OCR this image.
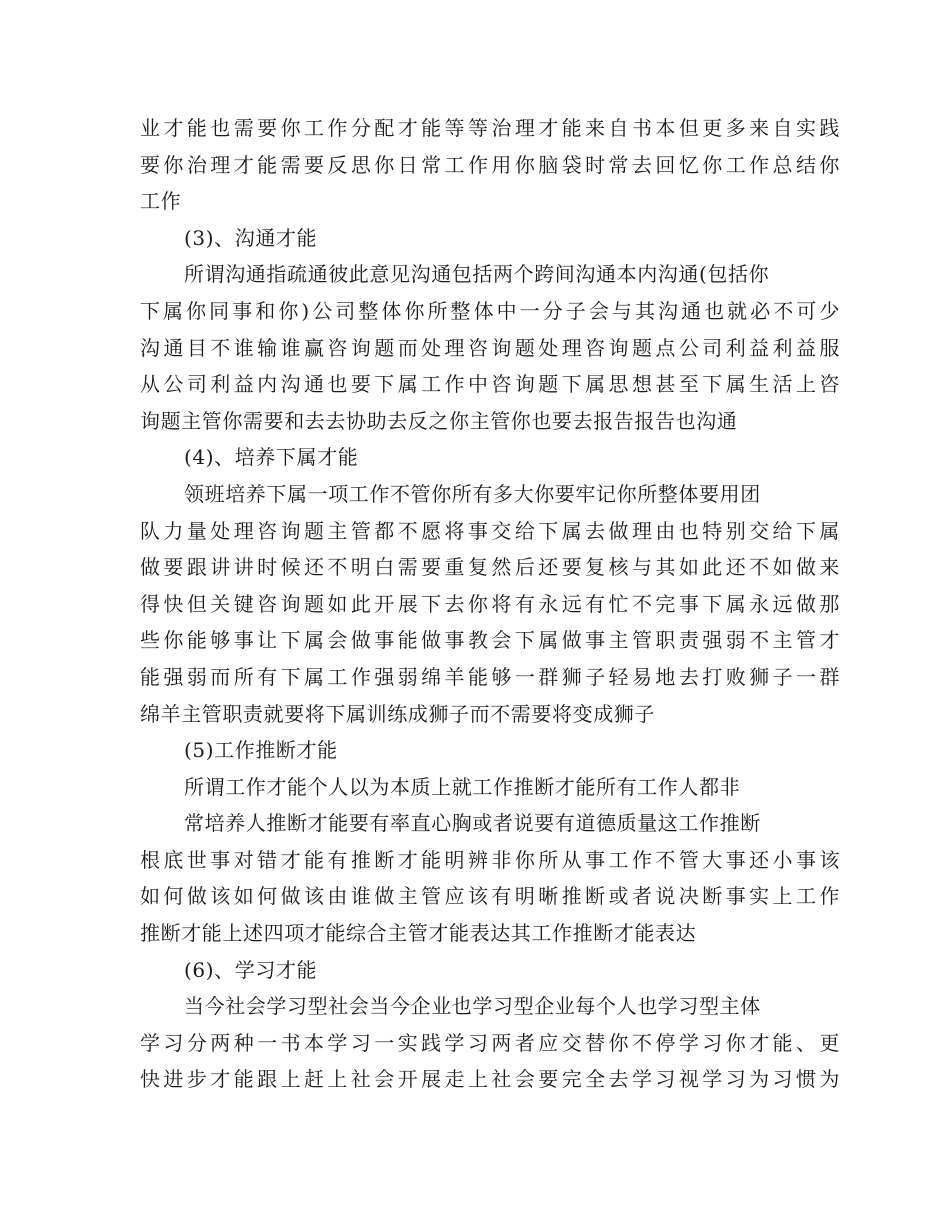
业才能也需要你工作分配才能等等治理才能来自书本但更多来自实践
要你治理才能需要反思你日常工作用你脑袋时常去回忆你工作总结你
工作
(3)、沟通才能
所谓沟通指疏通彼此意见沟通包括两个跨间沟通本内沟通(包括你
下属你同事和你)公司整体你所整体中一分子会与其沟通也就必不可少
沟通目不谁输谁赢咨询题而处理咨询题处理咨询题点公司利益利益服
从公司利益内沟通也要下属工作中咨询题下属思想甚至下属生活上咨
询题主管你需要和去去协助去反之你主管你也要去报告报告也沟通
(4)、培养下属才能
领班培养下属一项工作不管你所有多大你要牢记你所整体要用团
队力量处理咨询题主管都不愿将事交给下属去做理由也特别交给下属
做要跟讲讲时候还不明白需要重复然后还要复核与其如此还不如做来
得快但关键咨询题如此开展下去你将有永远有忙不完事下属永远做那
些你能够事让下属会做事能做事教会下属做事主管职责强弱不主管才
能强弱而所有下属工作强弱绵羊能够一群狮子轻易地去打败狮子一群
绵羊主管职责就要将下属训练成狮子而不需要将变成狮子
(5)工作推断才能
所谓工作才能个人以为本质上就工作推断才能所有工作人都非
常培养人推断才能要有率直心胸或者说要有道德质量这工作推断
根底世事对错才能有推断才能明辨非你所从事工作不管大事还小事该
如何做该如何做该由谁做主管应该有明晰推断或者说决断事实上工作
推断才能上述四项才能综合主管才能表达其工作推断才能表达
(6)、学习才能
当今社会学习型社会当今企业也学习型企业每个人也学习型主体
学习分两种一书本学习一实践学习两者应交替你不停学习你才能、更
快进步才能跟上赶上社会开展走上社会要完全去学习视学习为习惯为
